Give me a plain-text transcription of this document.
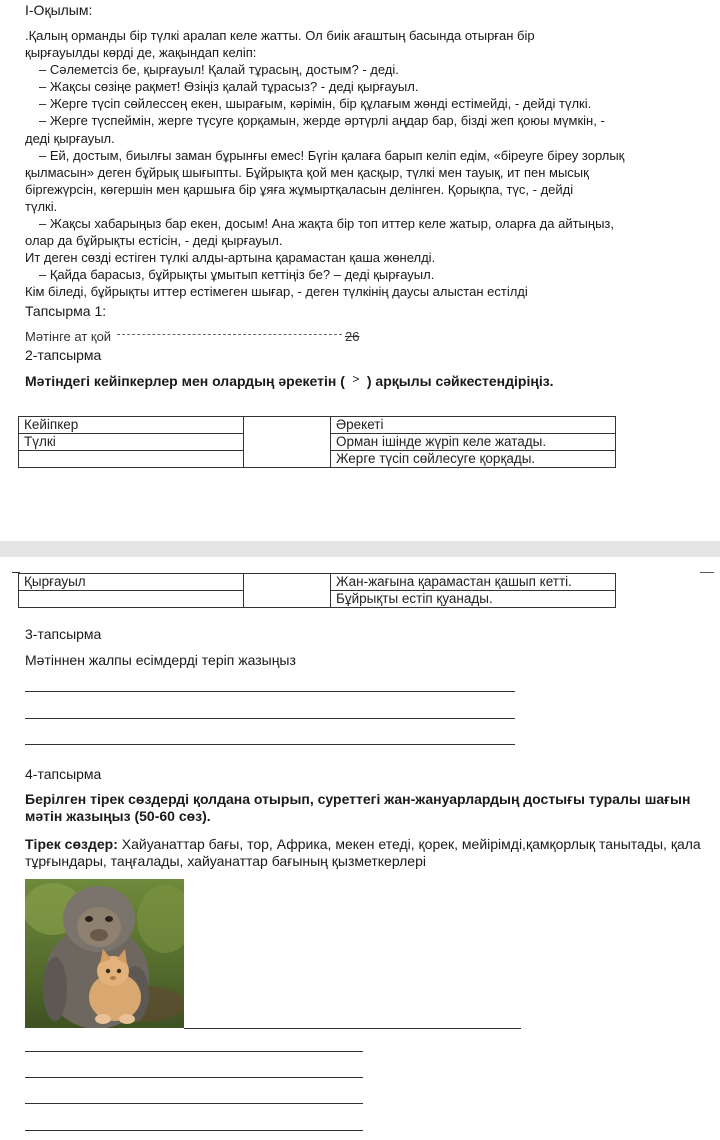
І-Оқылым:

.Қалың орманды бір түлкі аралап келе жатты. Ол биік ағаштың басында отырған бір

қырғауылды көрді де, жақындап келіп:

– Сәлеметсіз бе, қырғауыл! Қалай тұрасың, достым? - деді.

– Жақсы сөзіңе рақмет! Өзіңіз қалай тұрасыз? - деді қырғауыл.

– Жерге түсіп сөйлессең екен, шырағым, кәрімін, бір құлағым жөнді естімейді, - дейді түлкі.

– Жерге түспеймін, жерге түсуге қорқамын, жерде әртүрлі аңдар бар, бізді жеп қоюы мүмкін, -

деді қырғауыл.

– Ей, достым, биылғы заман бұрынғы емес! Бүгін қалаға барып келіп едім, «біреуге біреу зорлық

қылмасын» деген бұйрық шығыпты. Бұйрықта қой мен қасқыр, түлкі мен тауық, ит пен мысық

біргежүрсін, көгершін мен қаршыға бір ұяға жұмыртқаласын делінген. Қорықпа, түс, - дейді

түлкі.

– Жақсы хабарыңыз бар екен, досым! Ана жақта бір топ иттер келе жатыр, оларға да айтыңыз,

олар да бұйрықты естісін, - деді қырғауыл.

Ит деген сөзді естіген түлкі алды-артына қарамастан қаша жөнелді.

– Қайда барасыз, бұйрықты ұмытып кеттіңіз бе? – деді қырғауыл.

Кім біледі, бұйрықты иттер естімеген шығар, - деген түлкінің даусы алыстан естілді

Тапсырма 1:
Мәтінге ат қой	26
2-тапсырма
Мәтіндегі кейіпкерлер мен олардың әрекетін ( > ) арқылы сәйкестендіріңіз.
Кейіпкер		Әрекеті
Түлкі		Орман ішінде жүріп келе жатады.
		Жерге түсіп сөйлесуге қорқады.
Қырғауыл		Жан-жағына қарамастан қашып кетті.
		Бұйрықты естіп қуанады.
3-тапсырма
Мәтіннен жалпы есімдерді теріп жазыңыз
4-тапсырма
Берілген тірек сөздерді қолдана отырып, суреттегі жан-жануарлардың достығы туралы шағын мәтін жазыңыз (50-60 сөз).
Тірек сөздер: Хайуанаттар бағы, тор, Африка, мекен етеді, қорек, мейірімді,қамқорлық танытады, қала тұрғындары, таңғалады, хайуанаттар бағының қызметкерлері
